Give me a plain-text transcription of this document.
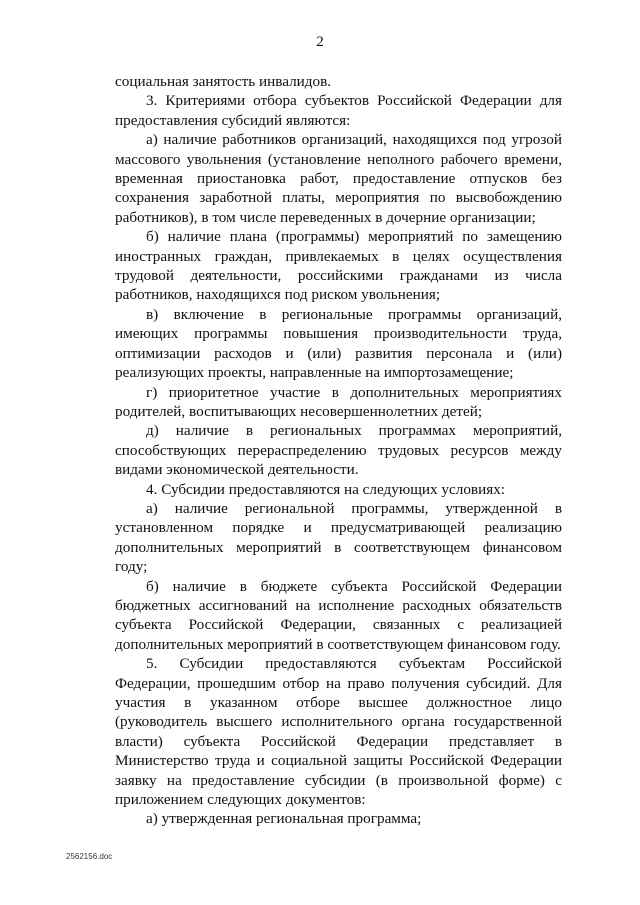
2

социальная занятость инвалидов.

3. Критериями отбора субъектов Российской Федерации для предоставления субсидий являются:

а) наличие работников организаций, находящихся под угрозой массового увольнения (установление неполного рабочего времени, временная приостановка работ, предоставление отпусков без сохранения заработной платы, мероприятия по высвобождению работников), в том числе переведенных в дочерние организации;

б) наличие плана (программы) мероприятий по замещению иностранных граждан, привлекаемых в целях осуществления трудовой деятельности, российскими гражданами из числа работников, находящихся под риском увольнения;

в) включение в региональные программы организаций, имеющих программы повышения производительности труда, оптимизации расходов и (или) развития персонала и (или) реализующих проекты, направленные на импортозамещение;

г) приоритетное участие в дополнительных мероприятиях родителей, воспитывающих несовершеннолетних детей;

д) наличие в региональных программах мероприятий, способствующих перераспределению трудовых ресурсов между видами экономической деятельности.

4. Субсидии предоставляются на следующих условиях:

а) наличие региональной программы, утвержденной в установленном порядке и предусматривающей реализацию дополнительных мероприятий в соответствующем финансовом году;

б) наличие в бюджете субъекта Российской Федерации бюджетных ассигнований на исполнение расходных обязательств субъекта Российской Федерации, связанных с реализацией дополнительных мероприятий в соответствующем финансовом году.

5. Субсидии предоставляются субъектам Российской Федерации, прошедшим отбор на право получения субсидий. Для участия в указанном отборе высшее должностное лицо (руководитель высшего исполнительного органа государственной власти) субъекта Российской Федерации представляет в Министерство труда и социальной защиты Российской Федерации заявку на предоставление субсидии (в произвольной форме) с приложением следующих документов:

а) утвержденная региональная программа;

2562156.doc
